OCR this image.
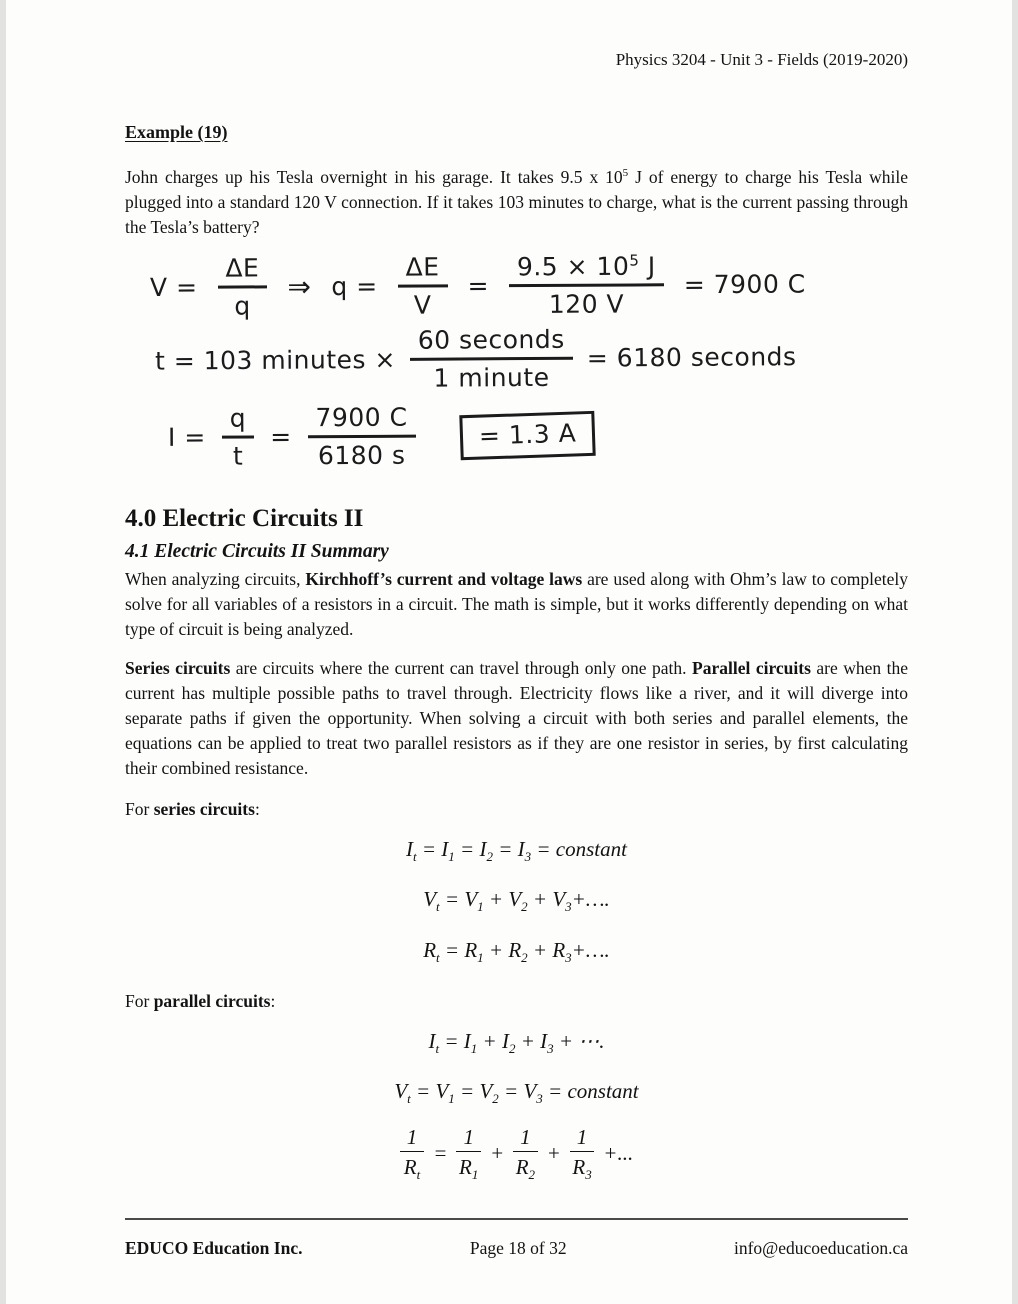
Physics 3204 - Unit 3 - Fields (2019-2020)
Example (19)

John charges up his Tesla overnight in his garage. It takes 9.5 x $10^5$ J of energy to charge his Tesla while plugged into a standard 120 V connection. If it takes 103 minutes to charge, what is the current passing through the Tesla’s battery?

$V = \frac{\Delta E}{q}$ ⇒ $q = \frac{\Delta E}{V} = \frac{9.5 \times 10^5 J}{120 V} = 7900$ C
t = 103 minutes × $\frac{\text{60 seconds}}{\text{1 minute}} = 6180$ seconds
$I = \frac{q}{t} = \frac{7900 C}{6180 s}$	= 1.3 A
4.0 Electric Circuits II
4.1 Electric Circuits II Summary

When analyzing circuits, Kirchhoff’s current and voltage laws are used along with Ohm’s law to completely solve for all variables of a resistors in a circuit. The math is simple, but it works differently depending on what type of circuit is being analyzed.

Series circuits are circuits where the current can travel through only one path. Parallel circuits are when the current has multiple possible paths to travel through. Electricity flows like a river, and it will diverge into separate paths if given the opportunity. When solving a circuit with both series and parallel elements, the equations can be applied to treat two parallel resistors as if they are one resistor in series, by first calculating their combined resistance.

For series circuits:

$I_t = I_1 = I_2 = I_3$ = constant
$V_t = V_1 + V_2$ + $V_3+\dots$.
$R_t = R_1 + R_2$ + $R_3+\dots$.

For parallel circuits:

$I_t = I_1 + I_2 + I_3$ + ⋯.
$V_t = V_1 = V_2 = V_3$ = constant
$\frac{1}{R_t} = \frac{1}{R_1} + \frac{1}{R_2} + \frac{1}{R_3}$ +...
EDUCO Education Inc.	Page 18 of 32	info@educoeducation.ca
